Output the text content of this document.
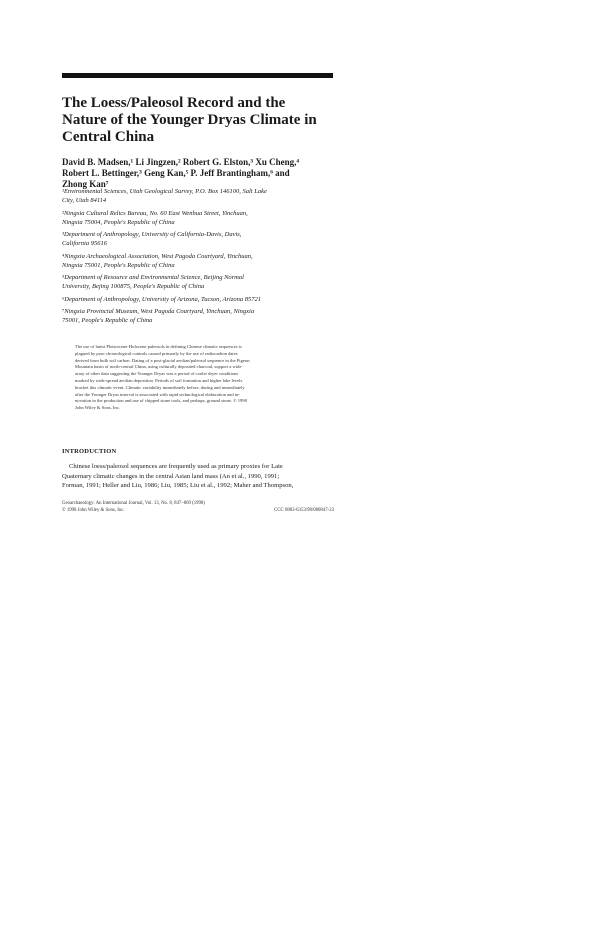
The Loess/Paleosol Record and the
Nature of the Younger Dryas Climate in
Central China

David B. Madsen,¹ Li Jingzen,² Robert G. Elston,³ Xu Cheng,⁴
Robert L. Bettinger,³ Geng Kan,⁵ P. Jeff Brantingham,⁶ and
Zhong Kan⁷

¹Environmental Sciences, Utah Geological Survey, P.O. Box 146100, Salt Lake
City, Utah 84114

²Ningxia Cultural Relics Bureau, No. 60 East Wenhua Street, Yinchuan,
Ningxia 75004, People's Republic of China

³Department of Anthropology, University of California-Davis, Davis,
California 95616

⁴Ningxia Archaeological Association, West Pagoda Courtyard, Yinchuan,
Ningxia 75001, People's Republic of China

⁵Department of Resource and Environmental Science, Beijing Normal
University, Bejing 100875, People's Republic of China

⁶Department of Anthropology, University of Arizona, Tucson, Arizona 85721

⁷Ningxia Provincial Museum, West Pagoda Courtyard, Yinchuan, Ningxia
75001, People's Republic of China

The use of latest Pleistocene-Holocene paleosols in defining Chinese climatic sequences is
plagued by poor chronological controls caused primarily by the use of radiocarbon dates
derived from bulk soil carbon. Dating of a post-glacial aeolian/paleosol sequence in the Pigeon
Mountain basin of north-central China, using culturally deposited charcoal, support a wide
array of other data suggesting the Younger Dryas was a period of cooler dryer conditions
marked by wide-spread aeolian deposition. Periods of soil formation and higher lake levels
bracket this climatic event. Climatic variability immediately before, during and immediately
after the Younger Dryas interval is associated with rapid technological elaboration and in-
novation in the production and use of chipped stone tools, and perhaps, ground stone. © 1998
John Wiley & Sons, Inc.
INTRODUCTION
Chinese loess/paleosol sequences are frequently used as primary proxies for Late
Quaternary climatic changes in the central Asian land mass (An et al., 1990, 1991;
Forman, 1991; Heller and Liu, 1986; Liu, 1985; Liu et al., 1992; Maher and Thompson,
Geoarchaeology: An International Journal, Vol. 13, No. 8, 847–869 (1998)
© 1998 John Wiley & Sons, Inc.	CCC 0883-6353/98/080847-23
